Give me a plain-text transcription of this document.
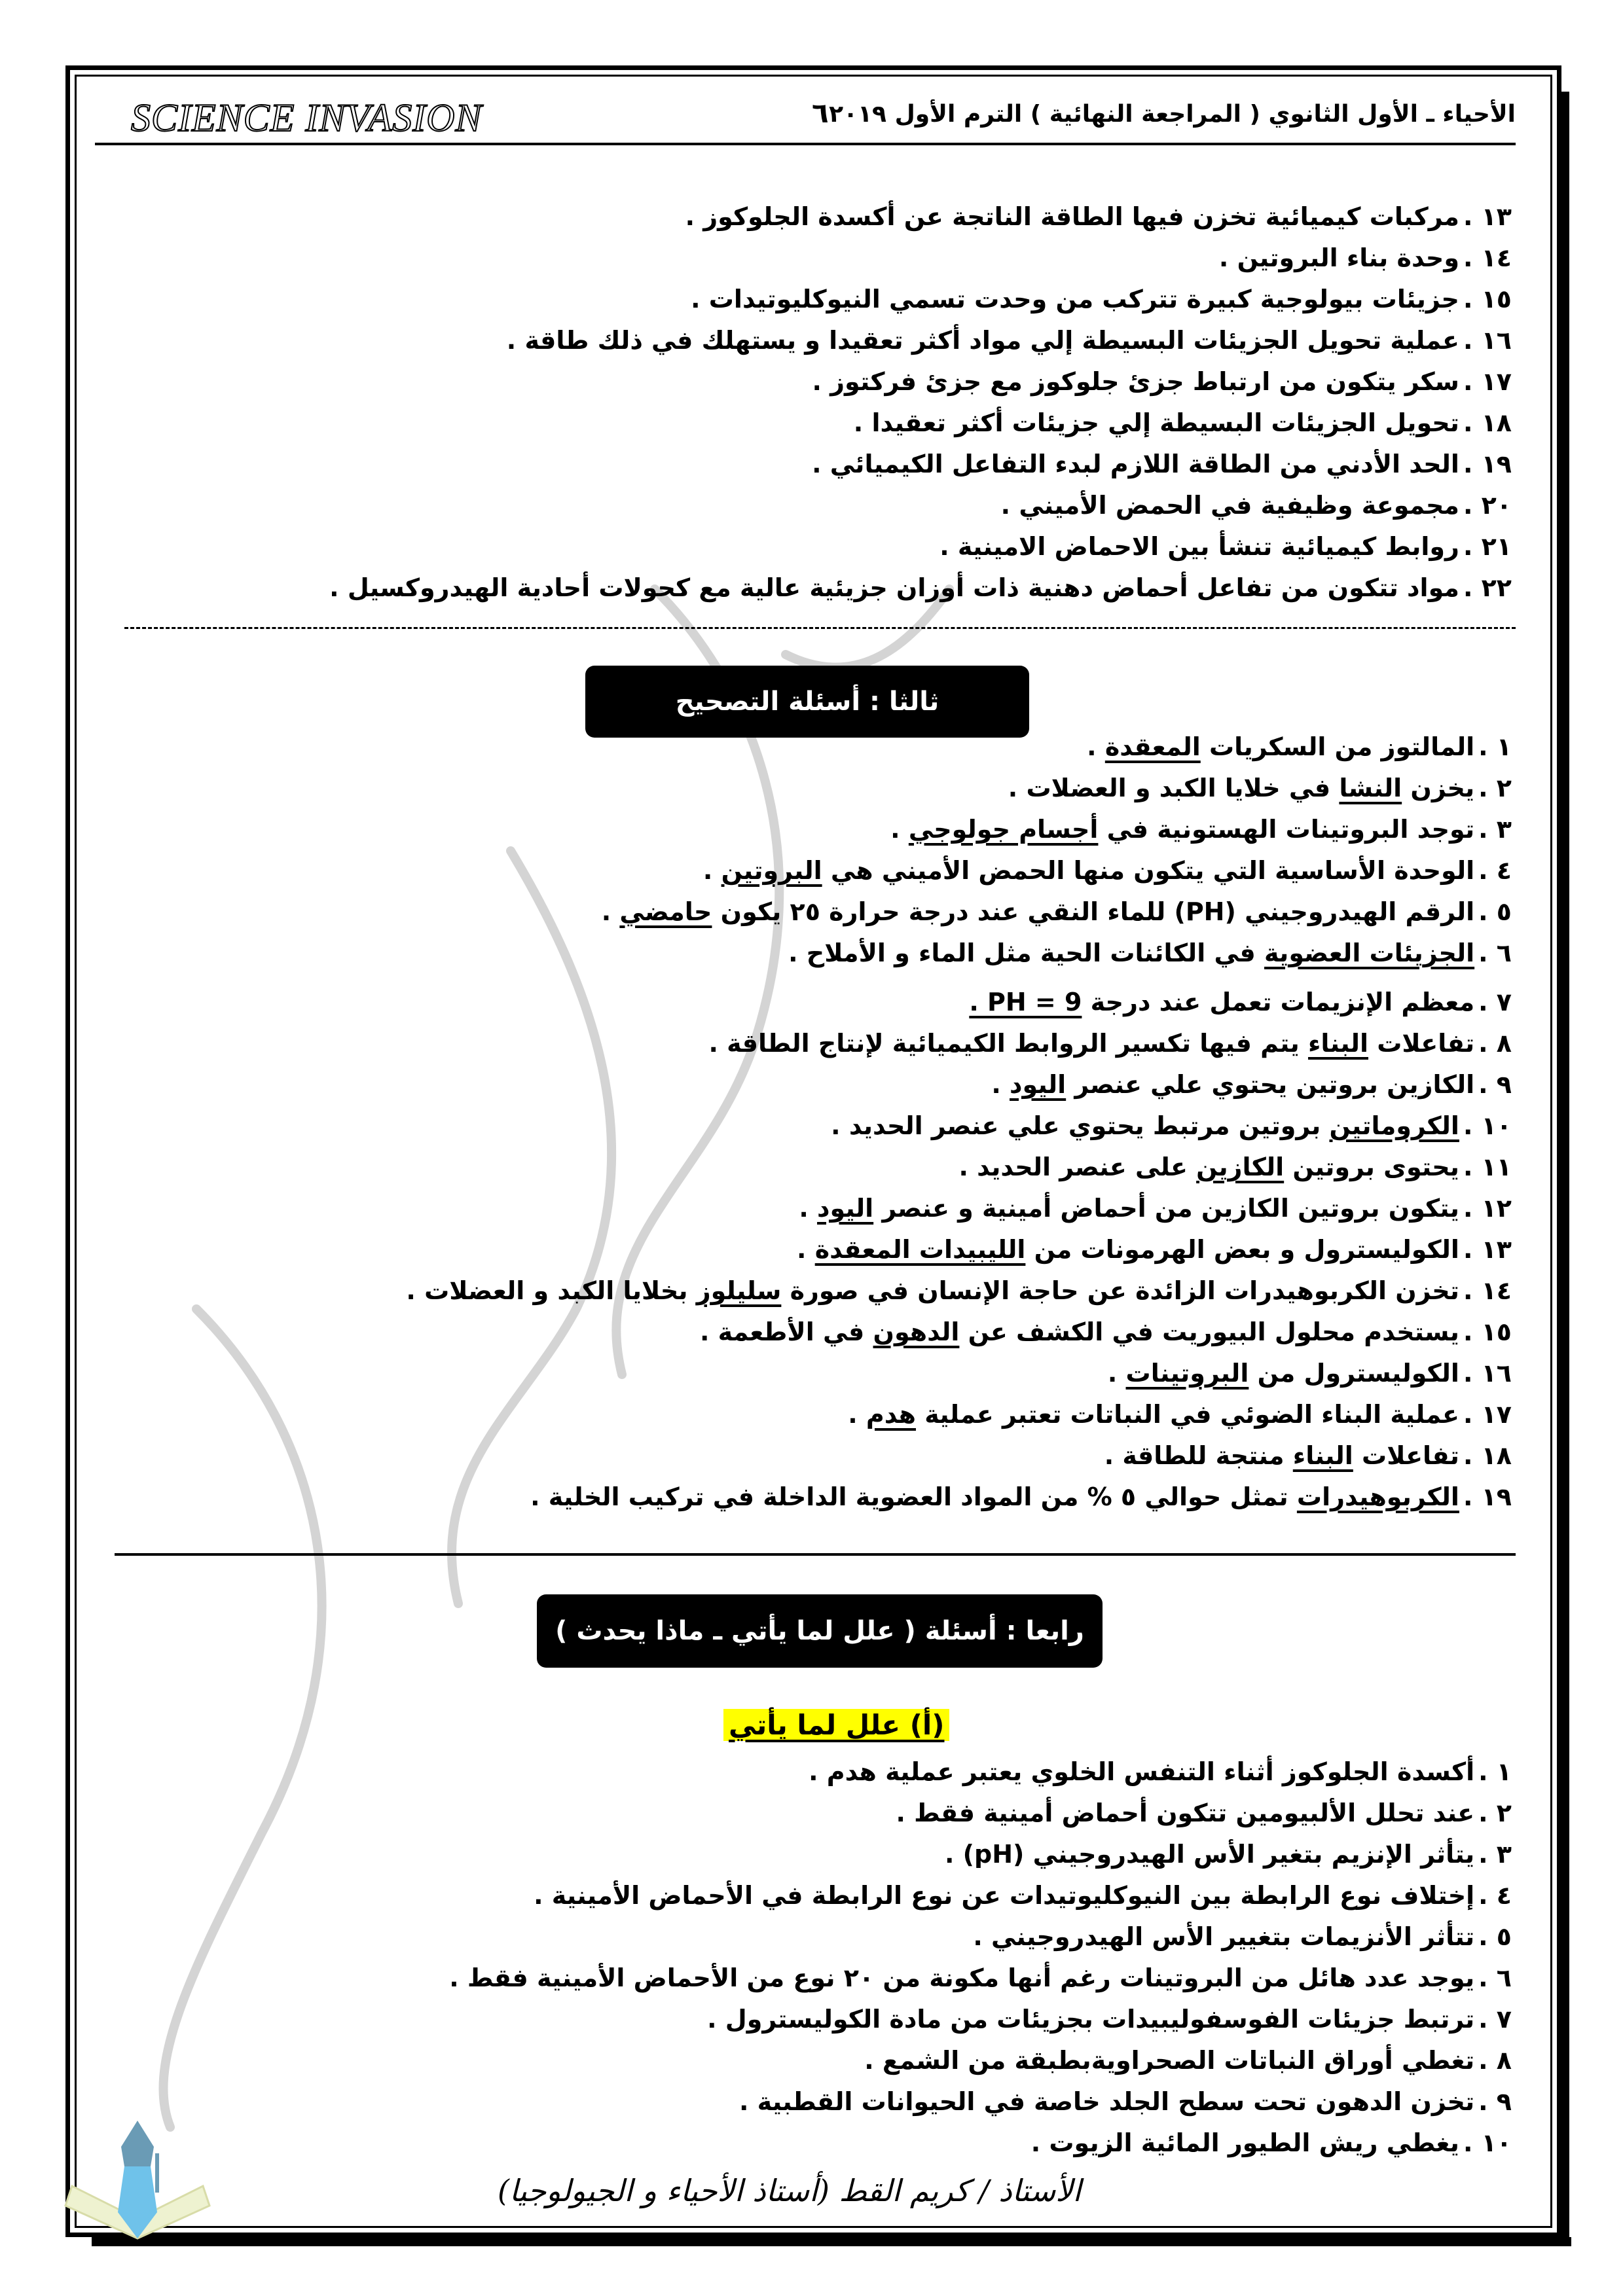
SCIENCE INVASION	٦ الأحياء ـ الأول الثانوي ( المراجعة النهائية ) الترم الأول ٢٠١٩
١٣ .مركبات كيميائية تخزن فيها الطاقة الناتجة عن أكسدة الجلوكوز .
١٤ .وحدة بناء البروتين .
١٥ .جزيئات بيولوجية كبيرة تتركب من وحدت تسمي النيوكليوتيدات .
١٦ .عملية تحويل الجزيئات البسيطة إلي مواد أكثر تعقيدا و يستهلك في ذلك طاقة .
١٧ .سكر يتكون من ارتباط جزئ جلوكوز مع جزئ فركتوز .
١٨ .تحويل الجزيئات البسيطة إلي جزيئات أكثر تعقيدا .
١٩ .الحد الأدني من الطاقة اللازم لبدء التفاعل الكيميائي .
٢٠ .مجموعة وظيفية في الحمض الأميني .
٢١ .روابط كيميائية تنشأ بين الاحماض الامينية .
٢٢ .مواد تتكون من تفاعل أحماض دهنية ذات أوزان جزيئية عالية مع كحولات أحادية الهيدروكسيل .
ثالثا : أسئلة التصحيح
١ .المالتوز من السكريات المعقدة .
٢ .يخزن النشا في خلايا الكبد و العضلات .
٣ .توجد البروتينات الهستونية في أجسام جولوجي .
٤ .الوحدة الأساسية التي يتكون منها الحمض الأميني هي البروتين .
٥ .الرقم الهيدروجيني (PH) للماء النقي عند درجة حرارة ٢٥ يكون حامضي .
٦ .الجزيئات العضوية في الكائنات الحية مثل الماء و الأملاح .
٧ .معظم الإنزيمات تعمل عند درجة PH = 9 .
٨ .تفاعلات البناء يتم فيها تكسير الروابط الكيميائية لإنتاج الطاقة .
٩ .الكازين بروتين يحتوي علي عنصر اليود .
١٠ .الكروماتين بروتين مرتبط يحتوي علي عنصر الحديد .
١١ .يحتوى بروتين الكازين على عنصر الحديد .
١٢ .يتكون بروتين الكازين من أحماض أمينية و عنصر اليود .
١٣ .الكوليسترول و بعض الهرمونات من الليبيدات المعقدة .
١٤ .تخزن الكربوهيدرات الزائدة عن حاجة الإنسان في صورة سليلوز بخلايا الكبد و العضلات .
١٥ .يستخدم محلول البيوريت في الكشف عن الدهون في الأطعمة .
١٦ .الكوليسترول من البروتينات .
١٧ .عملية البناء الضوئي في النباتات تعتبر عملية هدم .
١٨ .تفاعلات البناء منتجة للطاقة .
١٩ .الكربوهيدرات تمثل حوالي ٥ % من المواد العضوية الداخلة في تركيب الخلية .
رابعا : أسئلة ( علل لما يأتي ـ ماذا يحدث )
(أ) علل لما يأتي
١ .أكسدة الجلوكوز أثناء التنفس الخلوي يعتبر عملية هدم .
٢ .عند تحلل الألبيومين تتكون أحماض أمينية فقط .
٣ .يتأثر الإنزيم بتغير الأس الهيدروجيني (pH) .
٤ .إختلاف نوع الرابطة بين النيوكليوتيدات عن نوع الرابطة في الأحماض الأمينية .
٥ .تتأثر الأنزيمات بتغيير الأس الهيدروجيني .
٦ .يوجد عدد هائل من البروتينات رغم أنها مكونة من ٢٠ نوع من الأحماض الأمينية فقط .
٧ .ترتبط جزيئات الفوسفوليبيدات بجزيئات من مادة الكوليسترول .
٨ .تغطي أوراق النباتات الصحراويةبطبقة من الشمع .
٩ .تخزن الدهون تحت سطح الجلد خاصة في الحيوانات القطبية .
١٠ .يغطي ريش الطيور المائية الزيوت .
الأستاذ / كريم القط (أستاذ الأحياء و الجيولوجيا)
